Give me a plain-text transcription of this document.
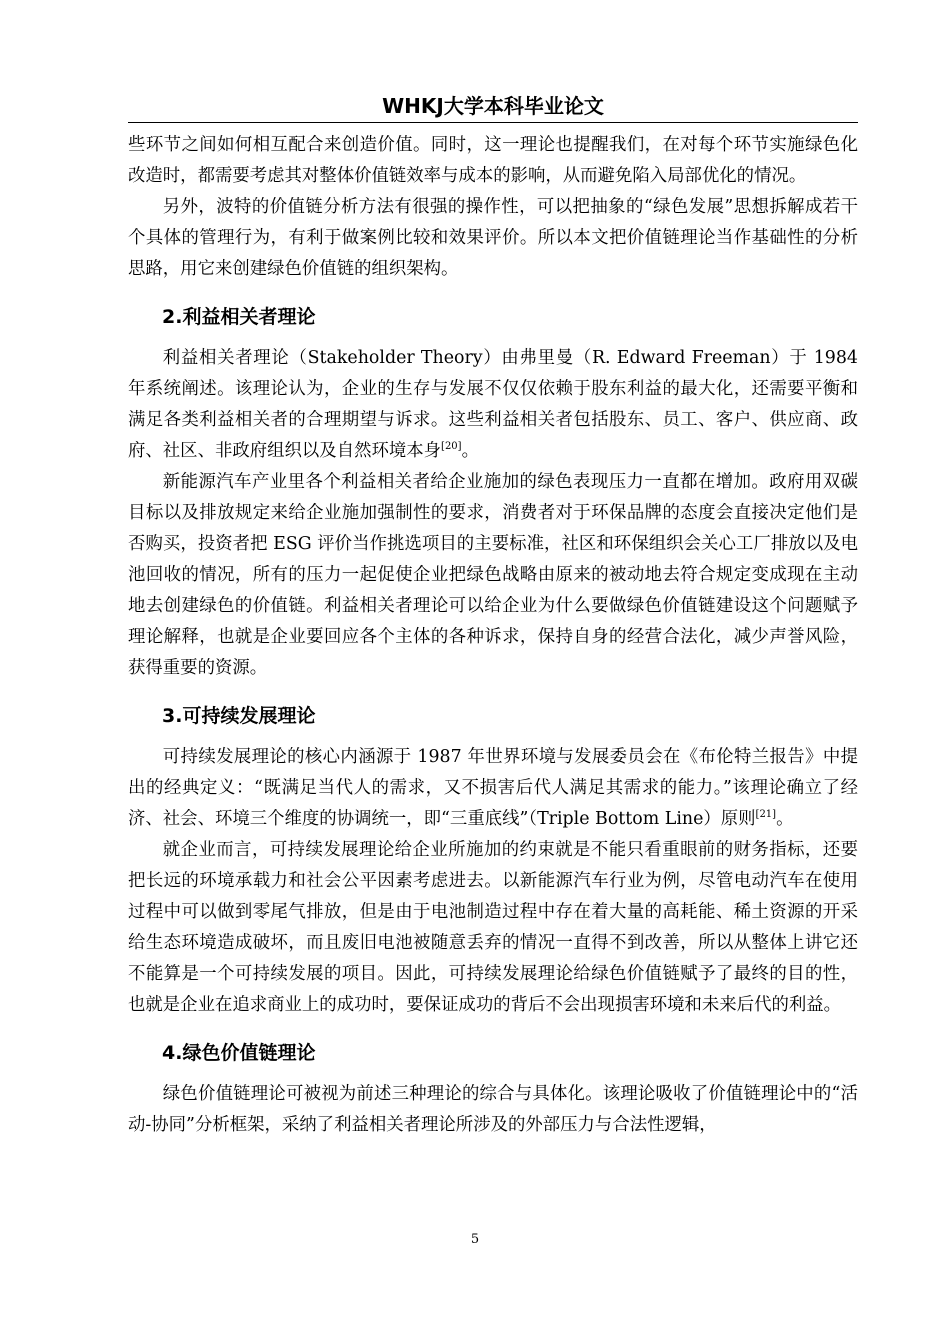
WHKJ大学本科毕业论文

些环节之间如何相互配合来创造价值。同时，这一理论也提醒我们，在对每个环节实施绿色化改造时，都需要考虑其对整体价值链效率与成本的影响，从而避免陷入局部优化的情况。

另外，波特的价值链分析方法有很强的操作性，可以把抽象的“绿色发展”思想拆解成若干个具体的管理行为，有利于做案例比较和效果评价。所以本文把价值链理论当作基础性的分析思路，用它来创建绿色价值链的组织架构。

2.利益相关者理论

利益相关者理论（Stakeholder Theory）由弗里曼（R. Edward Freeman）于 1984 年系统阐述。该理论认为，企业的生存与发展不仅仅依赖于股东利益的最大化，还需要平衡和满足各类利益相关者的合理期望与诉求。这些利益相关者包括股东、员工、客户、供应商、政府、社区、非政府组织以及自然环境本身[20]。

新能源汽车产业里各个利益相关者给企业施加的绿色表现压力一直都在增加。政府用双碳目标以及排放规定来给企业施加强制性的要求，消费者对于环保品牌的态度会直接决定他们是否购买，投资者把 ESG 评价当作挑选项目的主要标准，社区和环保组织会关心工厂排放以及电池回收的情况，所有的压力一起促使企业把绿色战略由原来的被动地去符合规定变成现在主动地去创建绿色的价值链。利益相关者理论可以给企业为什么要做绿色价值链建设这个问题赋予理论解释，也就是企业要回应各个主体的各种诉求，保持自身的经营合法化，减少声誉风险，获得重要的资源。

3.可持续发展理论

可持续发展理论的核心内涵源于 1987 年世界环境与发展委员会在《布伦特兰报告》中提出的经典定义：“既满足当代人的需求，又不损害后代人满足其需求的能力。”该理论确立了经济、社会、环境三个维度的协调统一，即“三重底线”（Triple Bottom Line）原则[21]。

就企业而言，可持续发展理论给企业所施加的约束就是不能只看重眼前的财务指标，还要把长远的环境承载力和社会公平因素考虑进去。以新能源汽车行业为例，尽管电动汽车在使用过程中可以做到零尾气排放，但是由于电池制造过程中存在着大量的高耗能、稀土资源的开采给生态环境造成破坏，而且废旧电池被随意丢弃的情况一直得不到改善，所以从整体上讲它还不能算是一个可持续发展的项目。因此，可持续发展理论给绿色价值链赋予了最终的目的性，也就是企业在追求商业上的成功时，要保证成功的背后不会出现损害环境和未来后代的利益。

4.绿色价值链理论

绿色价值链理论可被视为前述三种理论的综合与具体化。该理论吸收了价值链理论中的“活动-协同”分析框架，采纳了利益相关者理论所涉及的外部压力与合法性逻辑，

5
